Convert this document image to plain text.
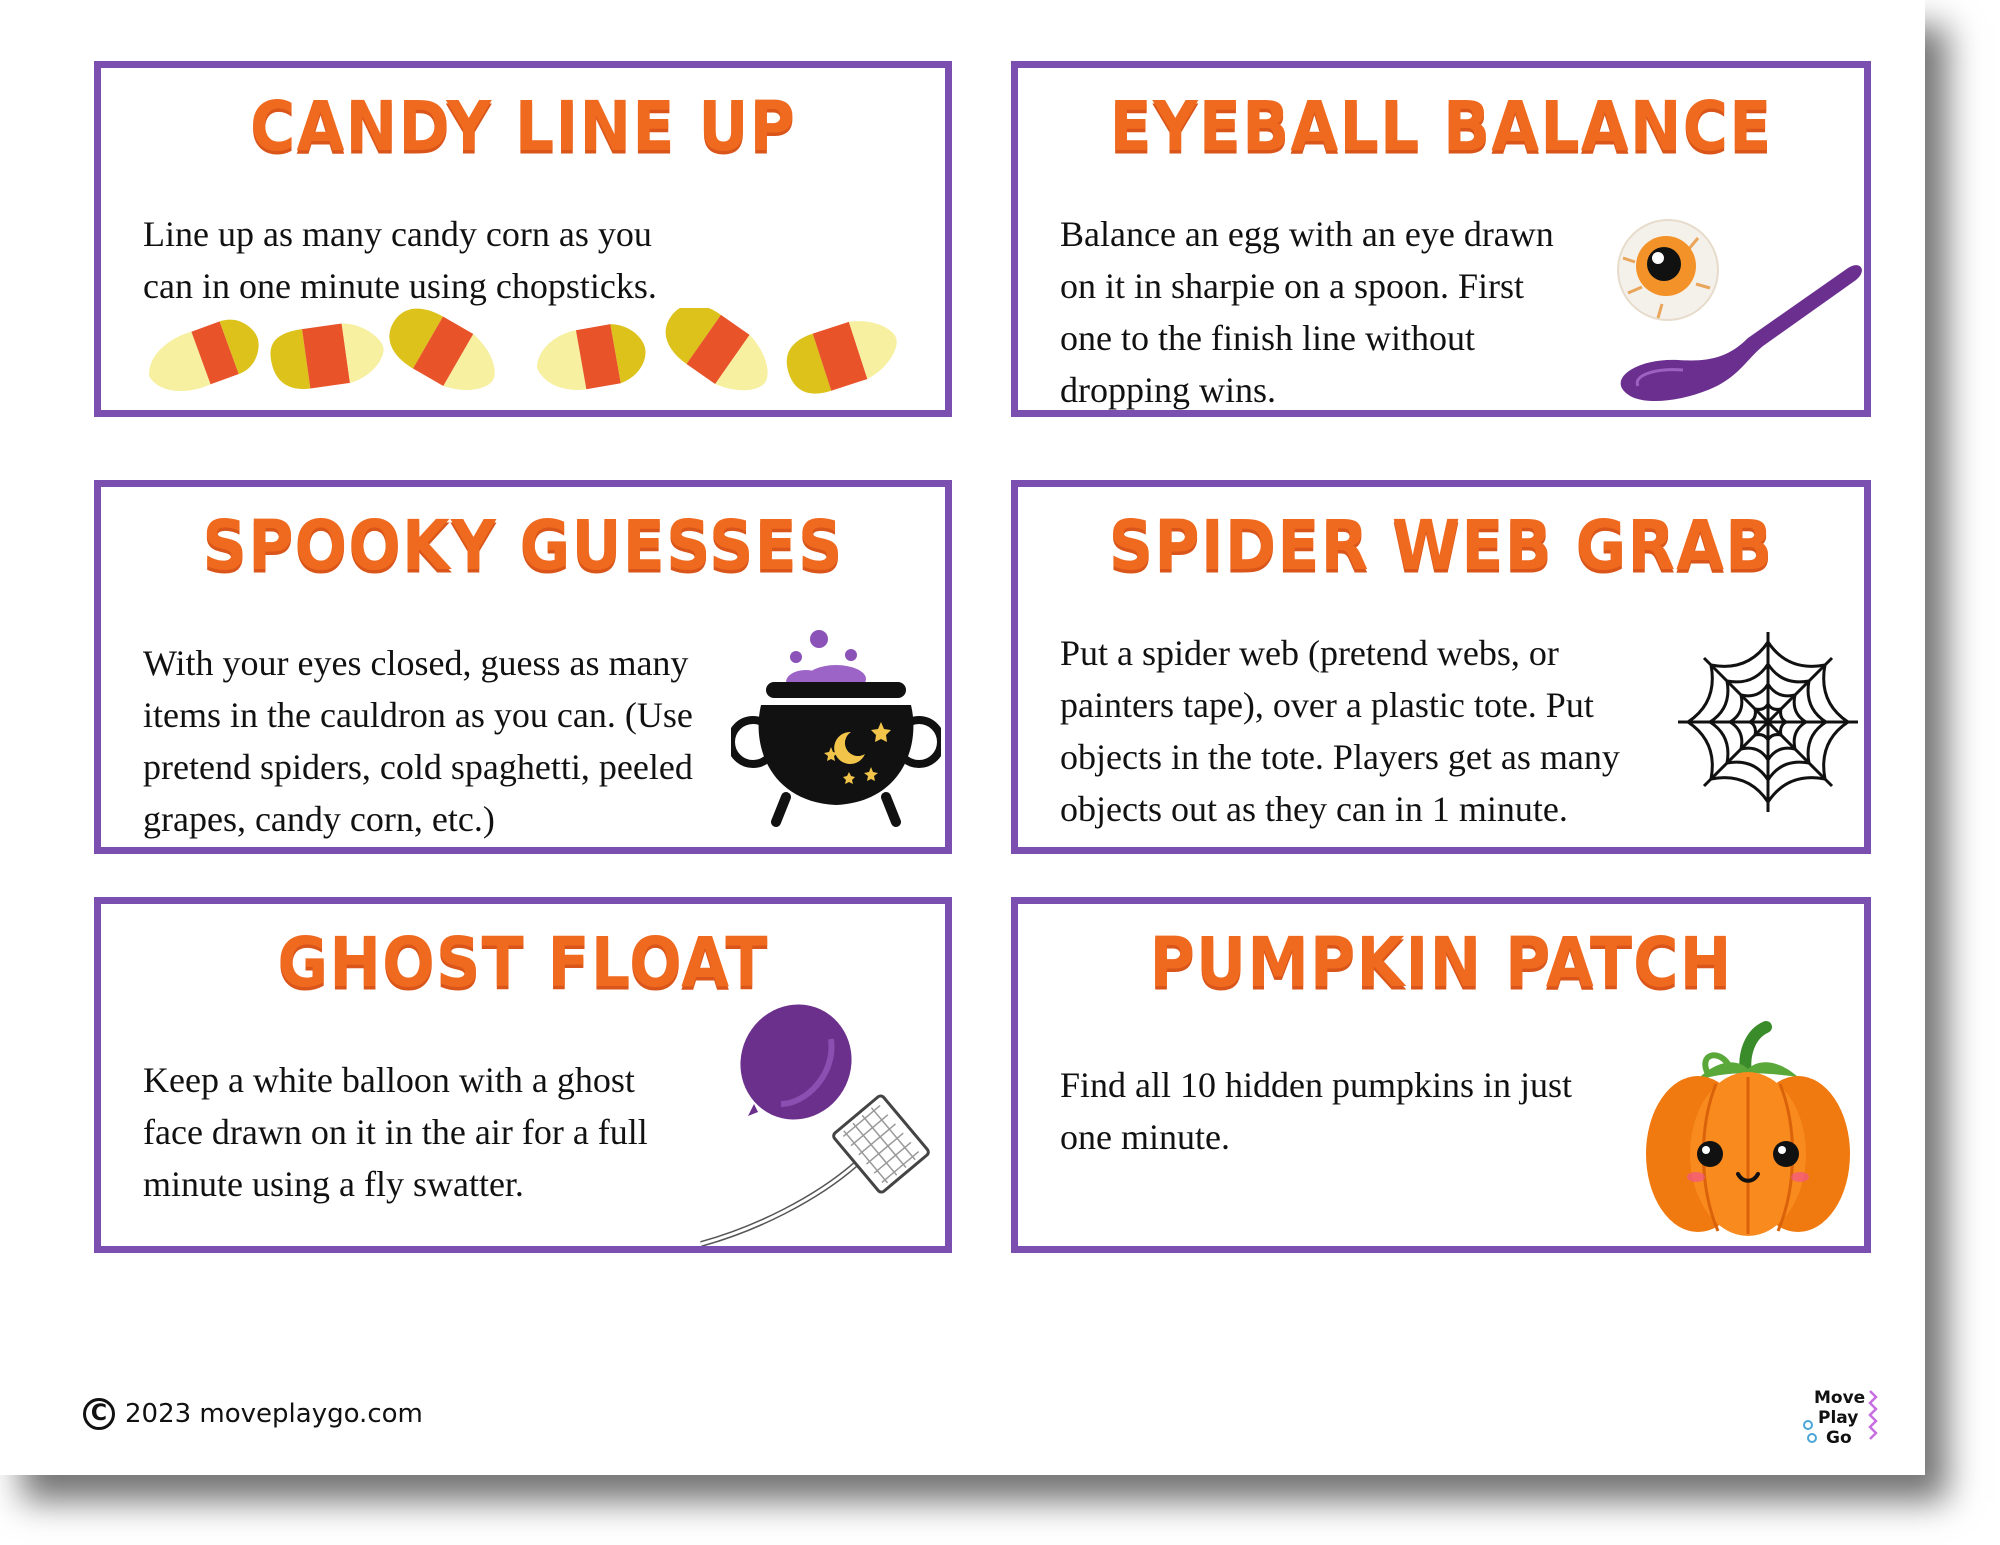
CANDY LINE UP
Line up as many candy corn as you
can in one minute using chopsticks.
EYEBALL BALANCE
Balance an egg with an eye drawn
on it in sharpie on a spoon. First
one to the finish line without
dropping wins.
SPOOKY GUESSES
With your eyes closed, guess as many
items in the cauldron as you can. (Use
pretend spiders, cold spaghetti, peeled
grapes, candy corn, etc.)
SPIDER WEB GRAB
Put a spider web (pretend webs, or
painters tape), over a plastic tote. Put
objects in the tote. Players get as many
objects out as they can in 1 minute.
GHOST FLOAT
Keep a white balloon with a ghost
face drawn on it in the air for a full
minute using a fly swatter.
PUMPKIN PATCH
Find all 10 hidden pumpkins in just
one minute.
C 2023 moveplaygo.com
Move
Play
Go
